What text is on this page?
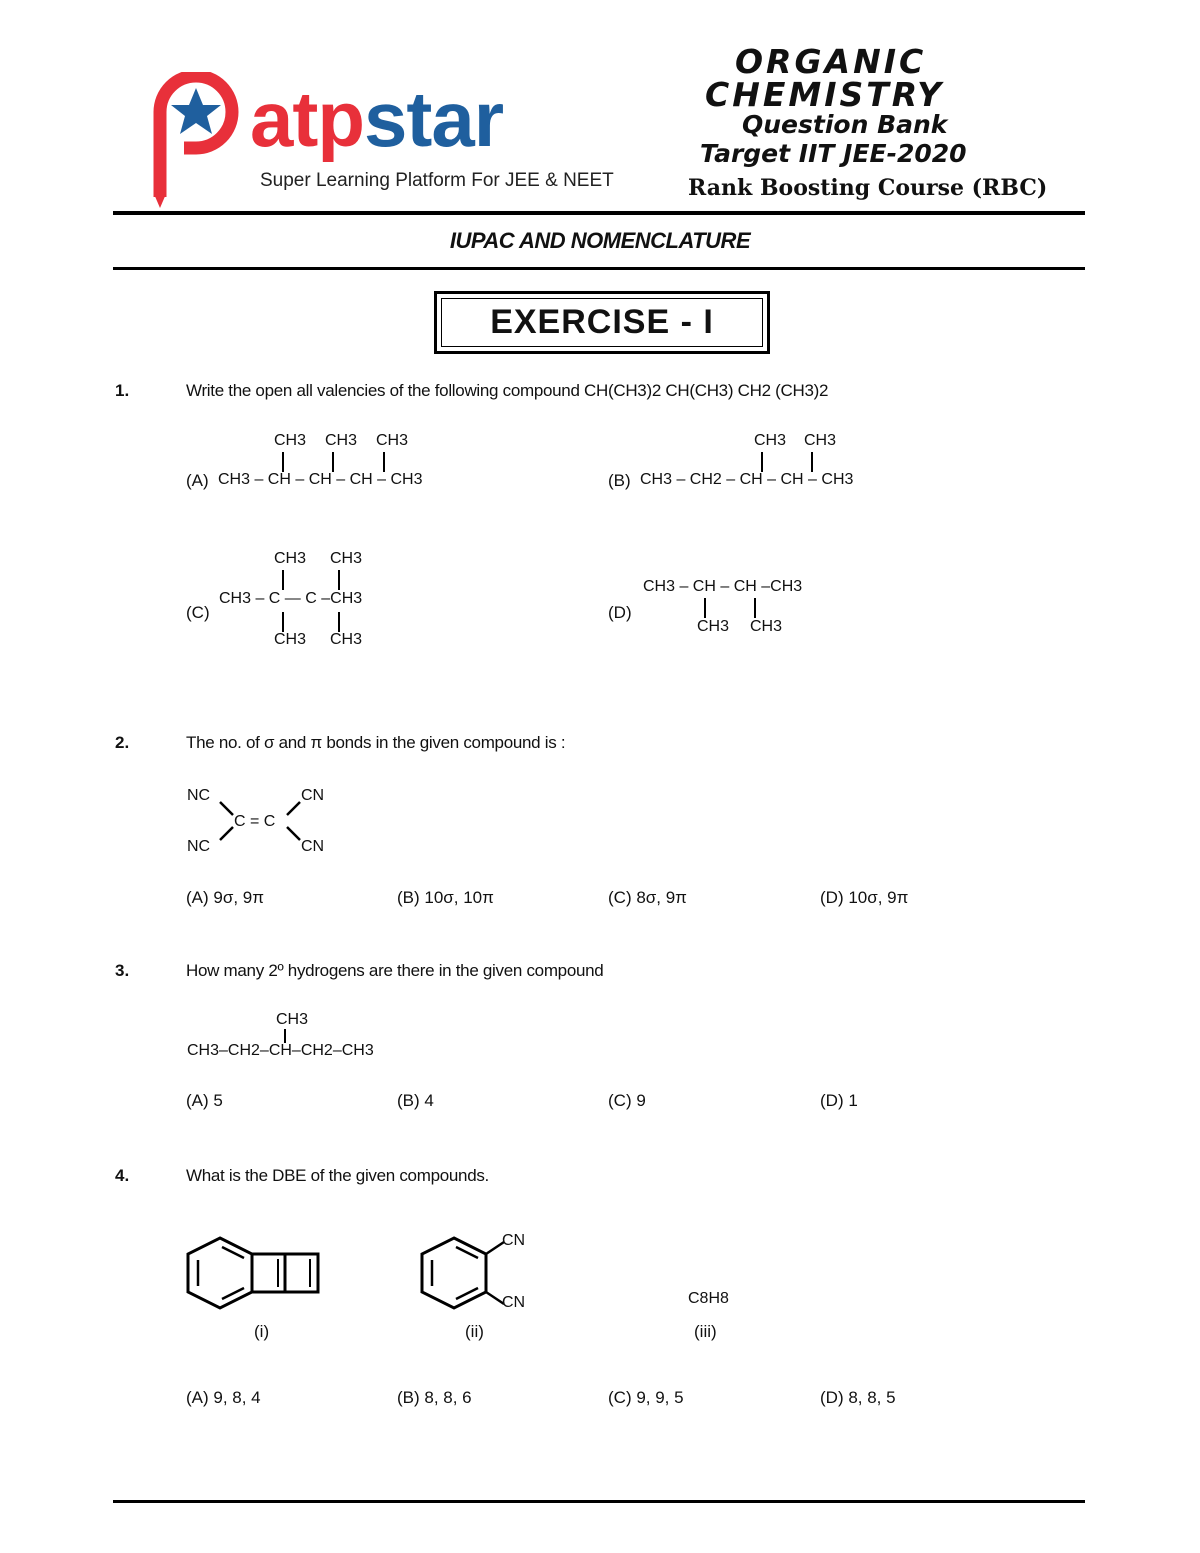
atpstar
Super Learning Platform For JEE & NEET
ORGANIC
CHEMISTRY
Question Bank
Target IIT JEE-2020
Rank Boosting Course (RBC)
IUPAC AND NOMENCLATURE
EXERCISE - I
1.	Write the open all valencies of the following compound CH(CH3)2 CH(CH3) CH2 (CH3)2
(A) CH3 – CH – CH – CH – CH3
CH3 CH3 CH3
(B) CH3 – CH2 – CH – CH – CH3
CH3 CH3
(C)
CH3 – C — C –CH3
CH3 CH3
CH3 CH3
(D)
CH3 – CH – CH –CH3
CH3 CH3
2.	The no. of σ and π bonds in the given compound is :
NC	CN
NC	CN
C = C
(A) 9σ, 9π	(B) 10σ, 10π	(C) 8σ, 9π	(D) 10σ, 9π
3.	How many 2º hydrogens are there in the given compound
CH3
CH3–CH2–CH–CH2–CH3
(A) 5	(B) 4	(C) 9	(D) 1
4.	What is the DBE of the given compounds.
(i)
CN
CN
(ii)
C8H8
(iii)
(A) 9, 8, 4	(B) 8, 8, 6	(C) 9, 9, 5	(D) 8, 8, 5
